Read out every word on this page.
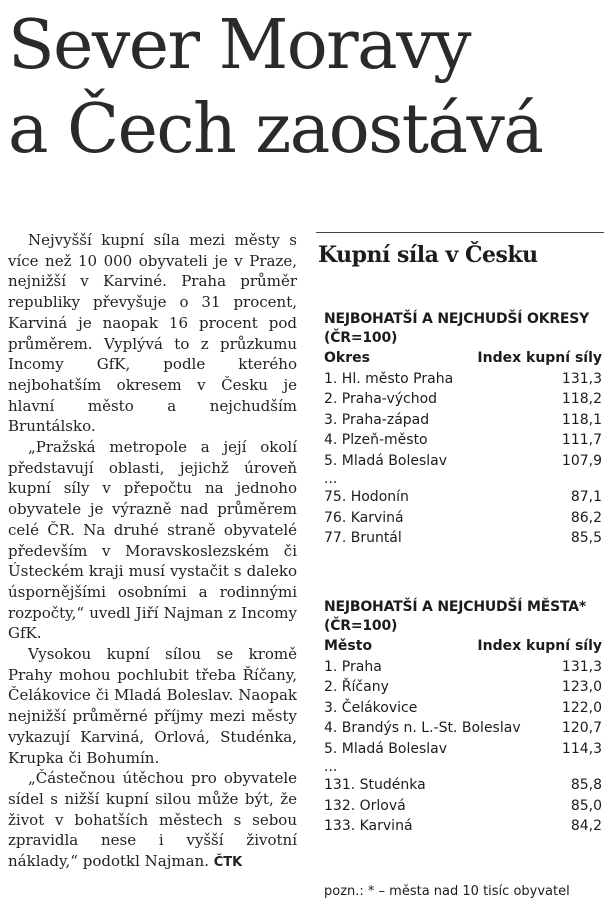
Sever Moravy
a Čech zaostává

Nejvyšší kupní síla mezi městy s více než 10 000 obyvateli je v Praze, nejnižší v Karviné. Praha průměr republiky převyšuje o 31 procent, Karviná je naopak 16 procent pod průměrem. Vyplývá to z průzkumu Incomy GfK, podle kterého nejbohatším okresem v Česku je hlavní město a nejchudším Bruntálsko.

„Pražská metropole a její okolí představují oblasti, jejichž úroveň kupní síly v přepočtu na jednoho obyvatele je výrazně nad průměrem celé ČR. Na druhé straně obyvatelé především v Moravskoslezském či Ústeckém kraji musí vystačit s daleko úspornějšími osobními a rodinnými rozpočty,“ uvedl Jiří Najman z Incomy GfK.

Vysokou kupní sílou se kromě Prahy mohou pochlubit třeba Říčany, Čelákovice či Mladá Boleslav. Naopak nejnižší průměrné příjmy mezi městy vykazují Karviná, Orlová, Studénka, Krupka či Bohumín.

„Částečnou útěchou pro obyvatele sídel s nižší kupní silou může být, že život v bohatších městech s sebou zpravidla nese i vyšší životní náklady,“ podotkl Najman. ČTK

Kupní síla v Česku
NEJBOHATŠÍ A NEJCHUDŠÍ OKRESY
(ČR=100)
Okres	Index kupní síly
1. Hl. město Praha	131,3
2. Praha-východ	118,2
3. Praha-západ	118,1
4. Plzeň-město	111,7
5. Mladá Boleslav	107,9
...
75. Hodonín	87,1
76. Karviná	86,2
77. Bruntál	85,5
NEJBOHATŠÍ A NEJCHUDŠÍ MĚSTA*
(ČR=100)
Město	Index kupní síly
1. Praha	131,3
2. Říčany	123,0
3. Čelákovice	122,0
4. Brandýs n. L.-St. Boleslav	120,7
5. Mladá Boleslav	114,3
...
131. Studénka	85,8
132. Orlová	85,0
133. Karviná	84,2
pozn.: * – města nad 10 tisíc obyvatel
